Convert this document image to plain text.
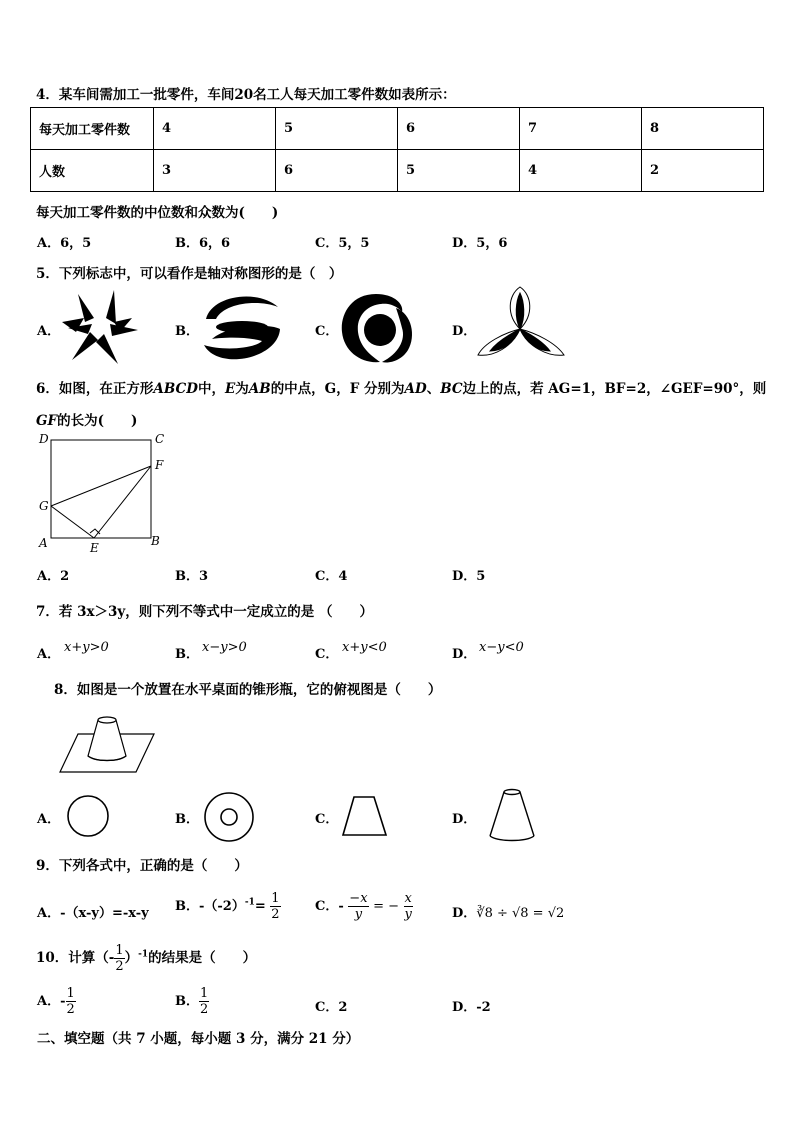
4．某车间需加工一批零件，车间20名工人每天加工零件数如表所示：
每天加工零件数	4	5	6	7	8
人数	3	6	5	4	2
每天加工零件数的中位数和众数为(　　)
A．6，5	B．6，6	C．5，5	D．5，6
5．下列标志中，可以看作是轴对称图形的是（　）
A．	B．	C．	D．
6．如图，在正方形ABCD中，E为AB的中点，G，F 分别为AD、BC边上的点，若 AG=1，BF=2，∠GEF=90°，则
GF的长为(　　)
D	C
F
G
A	E	B
A．2	B．3	C．4	D．5
7．若 3x＞3y，则下列不等式中一定成立的是 （　　）
A． x+y>0	B． x−y>0	C． x+y<0	D． x−y<0
8．如图是一个放置在水平桌面的锥形瓶，它的俯视图是（　　）
A．	B．	C．	D．
9．下列各式中，正确的是（　　）
A．-（x-y）=-x-y B．$-(-2)^{-1}= \frac{1}{2}$	C．- $\frac{-x}{y}$ = − $\frac{x}{y}$	D．∛8 ÷ √8 = √2
10．计算（- $\frac{1}{2} )^{-1}$的结果是（　　）
A．- $\frac{1}{2}$	B． $\frac{1}{2}$	C．2	D．-2
二、填空题（共 7 小题，每小题 3 分，满分 21 分）
